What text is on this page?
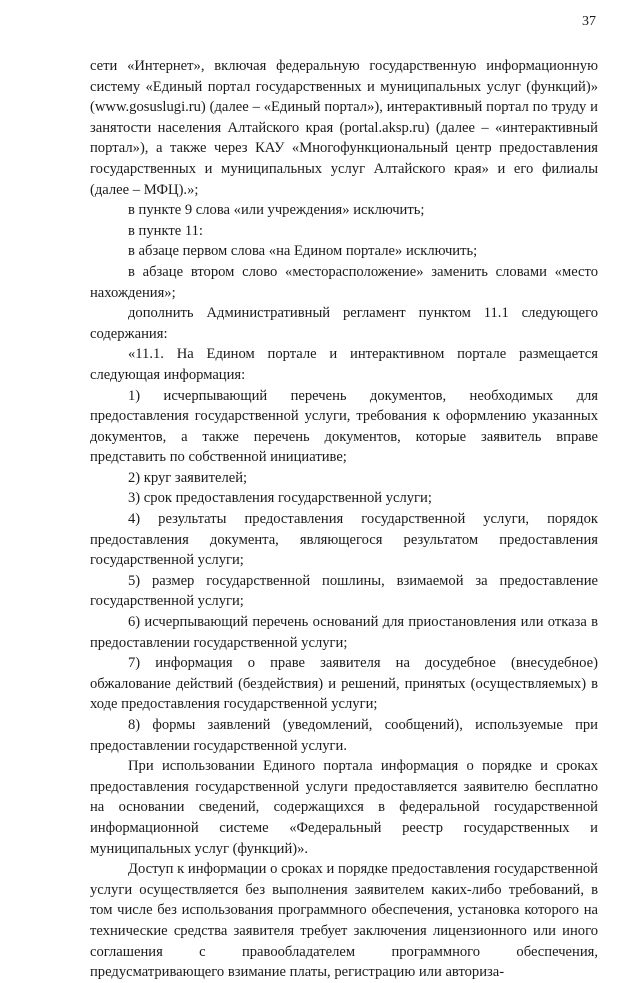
37

сети «Интернет», включая федеральную государственную информационную систему «Единый портал государственных и муниципальных услуг (функций)» (www.gosuslugi.ru) (далее – «Единый портал»), интерактивный портал по труду и занятости населения Алтайского края (portal.aksp.ru) (далее – «интерактивный портал»), а также через КАУ «Многофункциональный центр предоставления государственных и муниципальных услуг Алтайского края» и его филиалы (далее – МФЦ).»;

в пункте 9 слова «или учреждения» исключить;

в пункте 11:

в абзаце первом слова «на Едином портале» исключить;

в абзаце втором слово «месторасположение» заменить словами «место нахождения»;

дополнить Административный регламент пунктом 11.1 следующего содержания:

«11.1. На Едином портале и интерактивном портале размещается следующая информация:

1) исчерпывающий перечень документов, необходимых для предоставления государственной услуги, требования к оформлению указанных документов, а также перечень документов, которые заявитель вправе представить по собственной инициативе;

2) круг заявителей;

3) срок предоставления государственной услуги;

4) результаты предоставления государственной услуги, порядок предоставления документа, являющегося результатом предоставления государственной услуги;

5) размер государственной пошлины, взимаемой за предоставление государственной услуги;

6) исчерпывающий перечень оснований для приостановления или отказа в предоставлении государственной услуги;

7) информация о праве заявителя на досудебное (внесудебное) обжалование действий (бездействия) и решений, принятых (осуществляемых) в ходе предоставления государственной услуги;

8) формы заявлений (уведомлений, сообщений), используемые при предоставлении государственной услуги.

При использовании Единого портала информация о порядке и сроках предоставления государственной услуги предоставляется заявителю бесплатно на основании сведений, содержащихся в федеральной государственной информационной системе «Федеральный реестр государственных и муниципальных услуг (функций)».

Доступ к информации о сроках и порядке предоставления государственной услуги осуществляется без выполнения заявителем каких-либо требований, в том числе без использования программного обеспечения, установка которого на технические средства заявителя требует заключения лицензионного или иного соглашения с правообладателем программного обеспечения, предусматривающего взимание платы, регистрацию или авториза-
